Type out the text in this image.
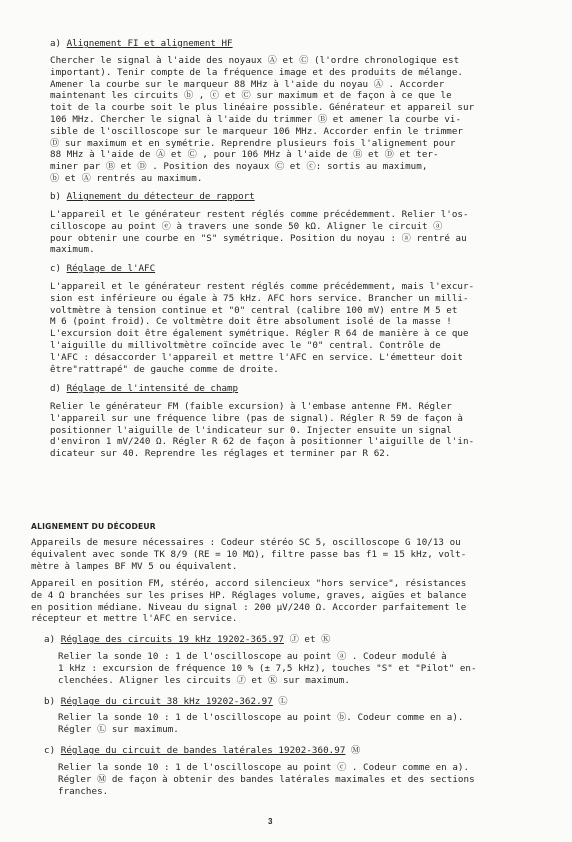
a) Alignement FI et alignement HF
Chercher le signal à l'aide des noyaux Ⓐ et Ⓒ (l'ordre chronologique est
important). Tenir compte de la fréquence image et des produits de mélange.
Amener la courbe sur le marqueur 88 MHz à l'aide du noyau Ⓐ . Accorder
maintenant les circuits ⓑ , ⓒ et Ⓒ sur maximum et de façon à ce que le
toit de la courbe soit le plus linéaire possible. Générateur et appareil sur
106 MHz. Chercher le signal à l'aide du trimmer Ⓑ et amener la courbe vi-
sible de l'oscilloscope sur le marqueur 106 MHz. Accorder enfin le trimmer
Ⓓ sur maximum et en symétrie. Reprendre plusieurs fois l'alignement pour
88 MHz à l'aide de Ⓐ et Ⓒ , pour 106 MHz à l'aide de Ⓑ et Ⓓ et ter-
miner par Ⓑ et Ⓓ . Position des noyaux Ⓒ et ⓒ: sortis au maximum,
ⓑ et Ⓐ rentrés au maximum.
b) Alignement du détecteur de rapport
L'appareil et le générateur restent réglés comme précédemment. Relier l'os-
cilloscope au point ⓔ à travers une sonde 50 kΩ. Aligner le circuit ⓐ
pour obtenir une courbe en "S" symétrique. Position du noyau : ⓐ rentré au
maximum.
c) Réglage de l'AFC
L'appareil et le générateur restent réglés comme précédemment, mais l'excur-
sion est inférieure ou égale à 75 kHz. AFC hors service. Brancher un milli-
voltmètre à tension continue et "0" central (calibre 100 mV) entre M 5 et
M 6 (point froid). Ce voltmètre doit être absolument isolé de la masse !
L'excursion doit être également symétrique. Régler R 64 de manière à ce que
l'aiguille du millivoltmètre coïncide avec le "0" central. Contrôle de
l'AFC : désaccorder l'appareil et mettre l'AFC en service. L'émetteur doit
être"rattrapé" de gauche comme de droite.
d) Réglage de l'intensité de champ
Relier le générateur FM (faible excursion) à l'embase antenne FM. Régler
l'appareil sur une fréquence libre (pas de signal). Régler R 59 de façon à
positionner l'aiguille de l'indicateur sur 0. Injecter ensuite un signal
d'environ 1 mV/240 Ω. Régler R 62 de façon à positionner l'aiguille de l'in-
dicateur sur 40. Reprendre les réglages et terminer par R 62.
ALIGNEMENT DU DÉCODEUR
Appareils de mesure nécessaires : Codeur stéréo SC 5, oscilloscope G 10/13 ou
équivalent avec sonde TK 8/9 (RE = 10 MΩ), filtre passe bas f1 = 15 kHz, volt-
mètre à lampes BF MV 5 ou équivalent.
Appareil en position FM, stéréo, accord silencieux "hors service", résistances
de 4 Ω branchées sur les prises HP. Réglages volume, graves, aigües et balance
en position médiane. Niveau du signal : 200 µV/240 Ω. Accorder parfaitement le
récepteur et mettre l'AFC en service.
a) Réglage des circuits 19 kHz 19202-365.97 Ⓙ et Ⓚ
Relier la sonde 10 : 1 de l'oscilloscope au point ⓐ . Codeur modulé à
1 kHz : excursion de fréquence 10 % (± 7,5 kHz), touches "S" et "Pilot" en-
clenchées. Aligner les circuits Ⓙ et Ⓚ sur maximum.
b) Réglage du circuit 38 kHz 19202-362.97 Ⓛ
Relier la sonde 10 : 1 de l'oscilloscope au point ⓑ. Codeur comme en a).
Régler Ⓛ sur maximum.
c) Réglage du circuit de bandes latérales 19202-360.97 Ⓜ
Relier la sonde 10 : 1 de l'oscilloscope au point ⓒ . Codeur comme en a).
Régler Ⓜ de façon à obtenir des bandes latérales maximales et des sections
franches.
3
